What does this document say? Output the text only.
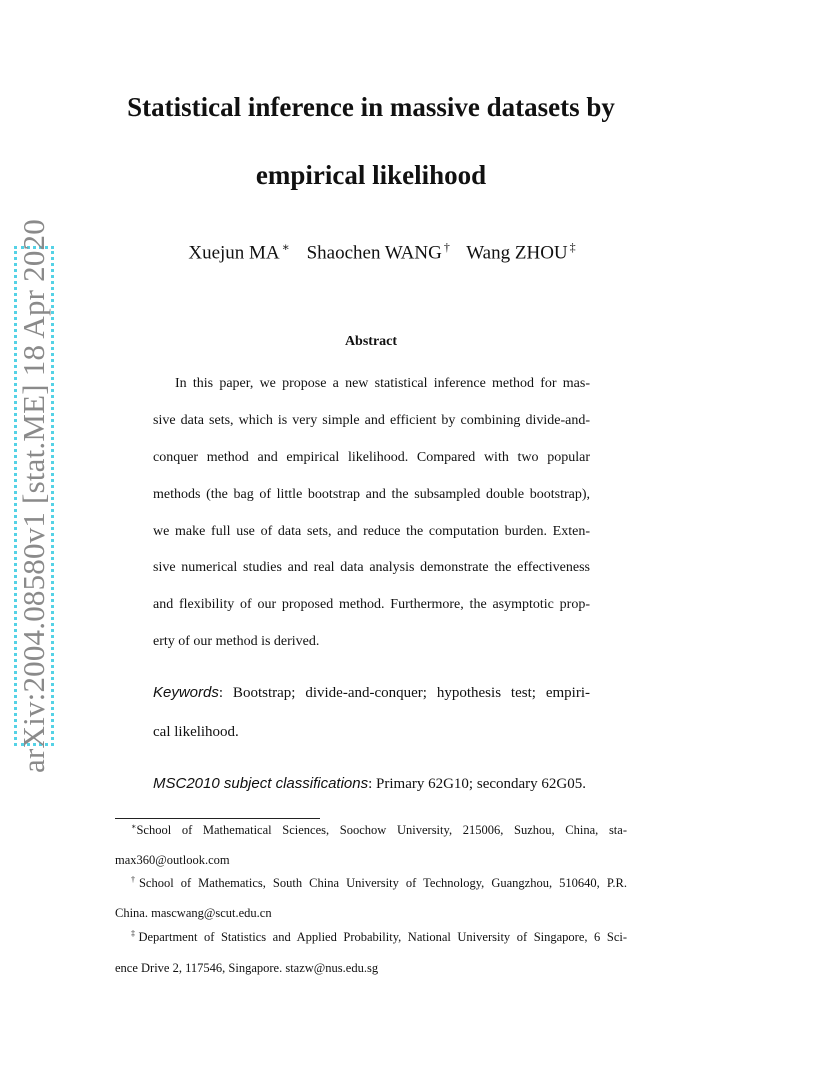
arXiv:2004.08580v1 [stat.ME] 18 Apr 2020
Statistical inference in massive datasets by
empirical likelihood
Xuejun MA ∗ Shaochen WANG † Wang ZHOU ‡
Abstract
In this paper, we propose a new statistical inference method for mas-
sive data sets, which is very simple and efficient by combining divide-and-
conquer method and empirical likelihood. Compared with two popular
methods (the bag of little bootstrap and the subsampled double bootstrap),
we make full use of data sets, and reduce the computation burden. Exten-
sive numerical studies and real data analysis demonstrate the effectiveness
and flexibility of our proposed method. Furthermore, the asymptotic prop-
erty of our method is derived.
Keywords: Bootstrap; divide-and-conquer; hypothesis test; empiri-
cal likelihood.
MSC2010 subject classifications: Primary 62G10; secondary 62G05.
∗School of Mathematical Sciences, Soochow University, 215006, Suzhou, China, sta-
max360@outlook.com
†School of Mathematics, South China University of Technology, Guangzhou, 510640, P.R.
China. mascwang@scut.edu.cn
‡Department of Statistics and Applied Probability, National University of Singapore, 6 Sci-
ence Drive 2, 117546, Singapore. stazw@nus.edu.sg
